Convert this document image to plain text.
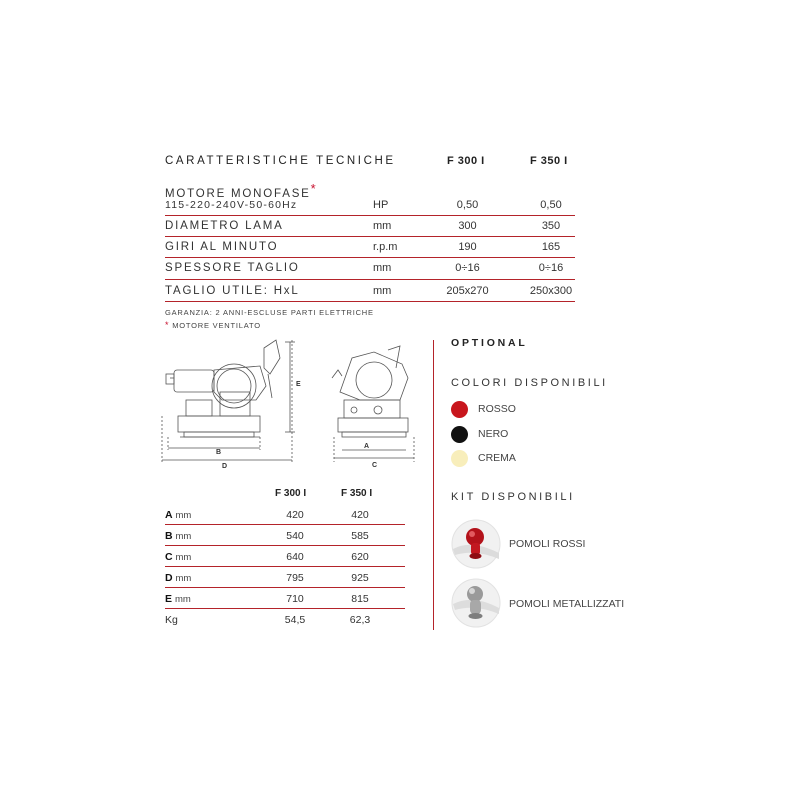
CARATTERISTICHE TECNICHE	F 300 I	F 350 I
MOTORE MONOFASE*
115-220-240V-50-60Hz	HP	0,50	0,50
DIAMETRO LAMA	mm	300	350
GIRI AL MINUTO	r.p.m	190	165
SPESSORE TAGLIO	mm	0÷16	0÷16
TAGLIO UTILE: HxL	mm	205x270	250x300
GARANZIA: 2 ANNI-ESCLUSE PARTI ELETTRICHE
* MOTORE VENTILATO
B
D
E
A
C
F 300 I	F 350 I
A mm	420	420
B mm	540	585
C mm	640	620
D mm	795	925
E mm	710	815
Kg	54,5	62,3
OPTIONAL
COLORI DISPONIBILI
ROSSO
NERO
CREMA
KIT DISPONIBILI
POMOLI ROSSI
POMOLI METALLIZZATI
